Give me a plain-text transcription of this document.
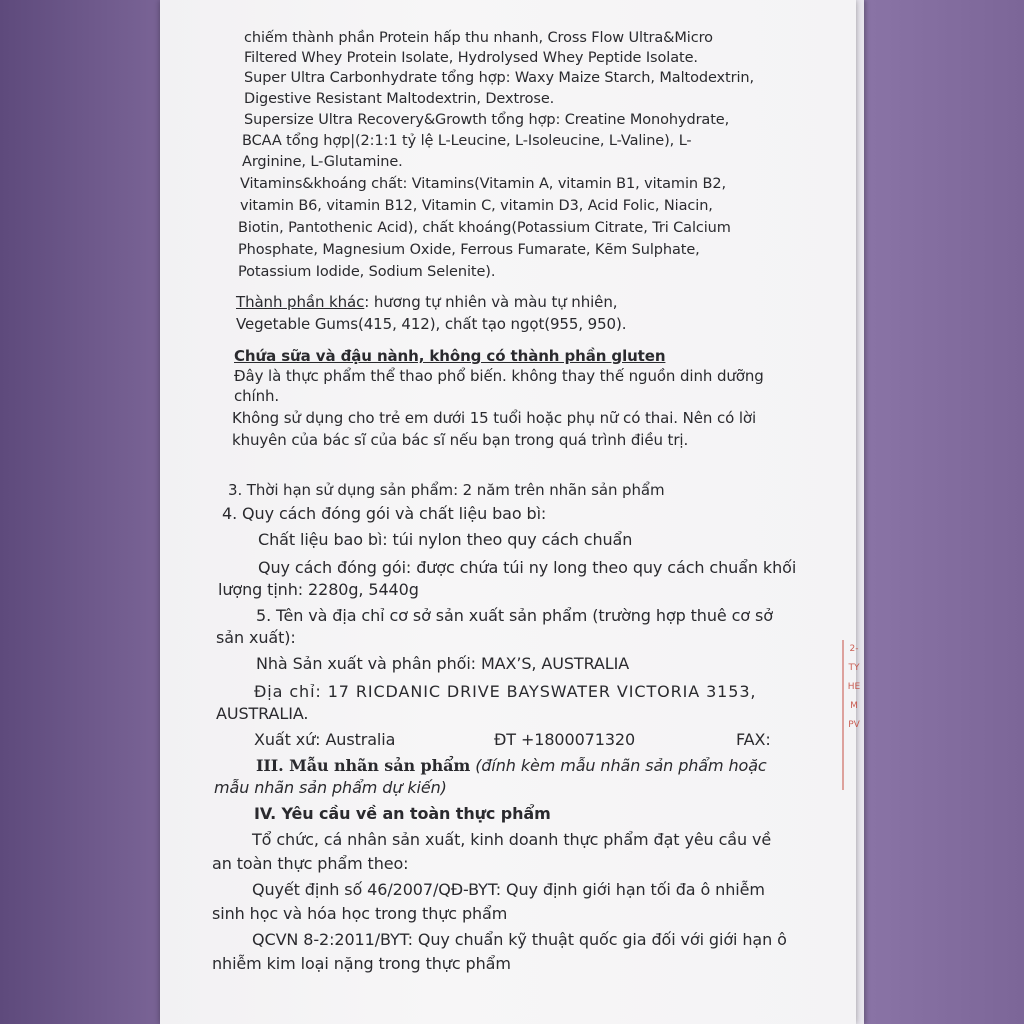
chiếm thành phần Protein hấp thu nhanh, Cross Flow Ultra&Micro
Filtered Whey Protein Isolate, Hydrolysed Whey Peptide Isolate.
Super Ultra Carbonhydrate tổng hợp: Waxy Maize Starch, Maltodextrin,
Digestive Resistant Maltodextrin, Dextrose.
Supersize Ultra Recovery&Growth tổng hợp: Creatine Monohydrate,
BCAA tổng hợp|(2:1:1 tỷ lệ L-Leucine, L-Isoleucine, L-Valine), L-
Arginine, L-Glutamine.
Vitamins&khoáng chất: Vitamins(Vitamin A, vitamin B1, vitamin B2,
vitamin B6, vitamin B12, Vitamin C, vitamin D3, Acid Folic, Niacin,
Biotin, Pantothenic Acid), chất khoáng(Potassium Citrate, Tri Calcium
Phosphate, Magnesium Oxide, Ferrous Fumarate, Kẽm Sulphate,
Potassium Iodide, Sodium Selenite).
Thành phần khác: hương tự nhiên và màu tự nhiên,
Vegetable Gums(415, 412), chất tạo ngọt(955, 950).
Chứa sữa và đậu nành, không có thành phần gluten
Đây là thực phẩm thể thao phổ biến. không thay thế nguồn dinh dưỡng
chính.
Không sử dụng cho trẻ em dưới 15 tuổi hoặc phụ nữ có thai. Nên có lời
khuyên của bác sĩ của bác sĩ nếu bạn trong quá trình điều trị.
3. Thời hạn sử dụng sản phẩm: 2 năm trên nhãn sản phẩm
4. Quy cách đóng gói và chất liệu bao bì:
Chất liệu bao bì: túi nylon theo quy cách chuẩn
Quy cách đóng gói: được chứa túi ny long theo quy cách chuẩn khối
lượng tịnh: 2280g, 5440g
5. Tên và địa chỉ cơ sở sản xuất sản phẩm (trường hợp thuê cơ sở
sản xuất):
Nhà Sản xuất và phân phối: MAX’S, AUSTRALIA
Địa chỉ: 17 RICDANIC DRIVE BAYSWATER VICTORIA 3153,
AUSTRALIA.
Xuất xứ: Australia	ĐT +1800071320	FAX:
III. Mẫu nhãn sản phẩm (đính kèm mẫu nhãn sản phẩm hoặc
mẫu nhãn sản phẩm dự kiến)
IV. Yêu cầu về an toàn thực phẩm
Tổ chức, cá nhân sản xuất, kinh doanh thực phẩm đạt yêu cầu về
an toàn thực phẩm theo:
Quyết định số 46/2007/QĐ-BYT: Quy định giới hạn tối đa ô nhiễm
sinh học và hóa học trong thực phẩm
QCVN 8-2:2011/BYT: Quy chuẩn kỹ thuật quốc gia đối với giới hạn ô
nhiễm kim loại nặng trong thực phẩm
2-
TY
HE
M
PV
